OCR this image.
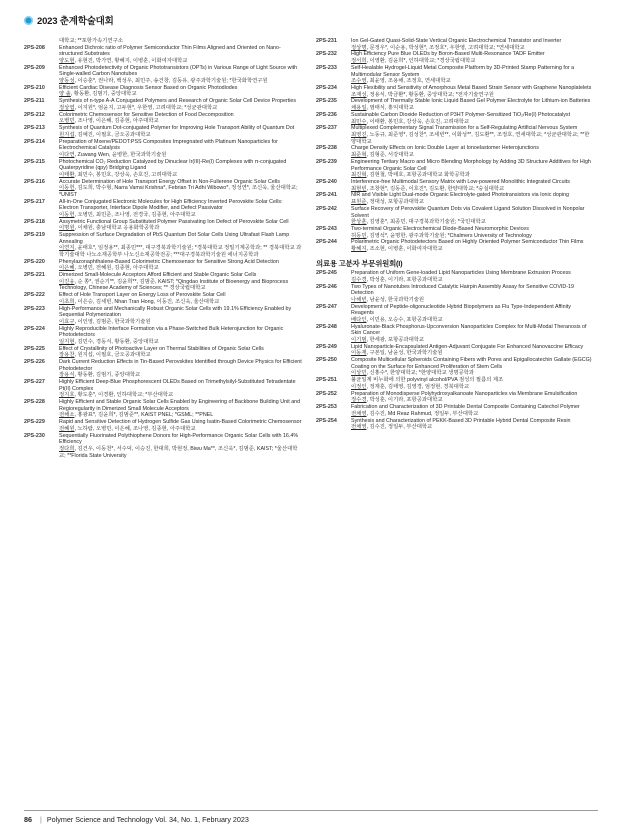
2023 춘계학술대회
대학교; **포항가속기연구소
2PS-208	Enhanced Dichroic ratio of Polymer Semiconductor Thin Films Aligned and Oriented on Nano-structured Substrates
양도현, 유현진, 박가연, 황혜지, 이병훈, 이화여자대학교
2PS-209	Enhanced Photodetectivity of Organic Phototransistors (OPTs) in Various Range of Light Source with Single-walled Carbon Nanotubes
양동성, 이승훈*, 권나라, 백성우, 최민주, 송건창, 김동유, 광주과학기술원; *한국화학연구원
2PS-210	Efficient Cardiac Disease Diagnosis Sensor Based on Organic Photodiodes
양 솔, 황동환, 김범기, 중앙대학교
2PS-211	Synthesis of n-type A-A Conjugated Polymers and Research of Organic Solar Cell Device Properties
정상엽, 이지원*, 엄윤지, 고두현*, 우한영, 고려대학교; *성균관대학교
2PS-212	Colorimetric Chemosensor for Sensitive Detection of Food Decomposition
오병민, 조나영, 이은혜, 김종현, 아주대학교
2PS-213	Synthesis of Quantum Dot-conjugated Polymer for Improving Hole Transport Ability of Quantum Dot
원지섭, 김예진, 이필호, 금오공과대학교
2PS-214	Preparation of Mxene/PEDOT:PSS Composites Impregnated with Platinum Nanoparticles for Electrochemical Catalysis
이다연, Zuwang Wen, 윤병한, 한국과학기술원
2PS-215	Photochemical CO₂ Reduction Catalyzed by Dinuclear Ir(III)-Re(I) Complexes with π-conjugated Quaterpyridine (qpy) Bridging Ligand
이태환, 최민수, 봉민호, 강상욱, 손호진, 고려대학교
2PS-216	Accurate Determination of Hole Transport Energy Offset in Non-Fullerene Organic Solar Cells
이동헌, 김도희, 박수형, Narra Vamsi Krishna*, Febrian Tri Adhi Wibowo*, 정성연*, 조신욱, 울산대학교; *UNIST
2PS-217	All-in-One Conjugated Electronic Molecules for High Efficiency Inverted Perovskite Solar Cells: Electron Transporter, Interface Dipole Modifier, and Defect Passivator
이동헌, 오병민, 최민준, 조나영, 전경국, 김종현, 아주대학교
2PS-218	Assymetric Functional Group Substituted Polymer Passivating Ion Defect of Perovskite Solar Cell
이명원, 이채원, 충남대학교 응용화학공학과
2PS-219	Suppression of Surface Degradation of PbS Quantum Dot Solar Cells Using Ultrafast Flash Lamp Annealing
이연지, 윤태호*, 임정용**, 최종민***, 대구경북과학기술원; *경북대학교 정밀기계공학과; ** 경북대학교 과학기술대학 나노소재공학부 나노신소재공학전공; ***대구경북과학기술원 에너지공학과
2PS-220	Phenylazonaphthalene-Based Colorimetric Chemosensor for Sensitive Strong Acid Detection
이은혜, 오병민, 전혜원, 김종현, 아주대학교
2PS-221	Dimerized Small-Molecule Acceptors Afford Efficient and Stable Organic Solar Cells
이진웅, 순 쫑*, 권순기**, 김윤희**, 김범준, KAIST; *Qingdao Institute of Bioenergy and Bioprocess Technology, Chinese Academy of Sciences; ** 경상국립대학교
2PS-222	Effect of Hole Transport Layer on Energy Loss of Perovskite Solar Cell
이초희, 이은승, 김세빈, Nhan Tran Hong, 이동진, 조신욱, 울산대학교
2PS-223	High-Performance and Mechanically Robust Organic Solar Cells with 19.1% Efficiency Enabled by Sequential Polymerization
이효구, 이인영, 김범준, 한국과학기술원
2PS-224	Highly Reproducible Interface Formation via a Phase-Switched Bulk Heterojunction for Organic Photodetectors
임지현, 김민수, 경동식, 황동환, 중앙대학교
2PS-225	Effect of Crystallinity of Photoactive Layer on Thermal Stabilities of Organic Solar Cells
장용찬, 원지섭, 이필호, 금오공과대학교
2PS-226	Dark Current Reduction Effects in Tin-Based Perovskites Identified through Device Physics for Efficient Photodetector
장용식, 황동환, 김범기, 중앙대학교
2PS-227	Highly Efficient Deep-Blue Phosphorescent OLEDs Based on Trimethylsilyl-Substituted Tetradentate Pt(II) Complex
정지호, 황도훈*, 이경환, 인하대학교; *부산대학교
2PS-228	Highly Efficient and Stable Organic Solar Cells Enabled by Engineering of Backbone Building Unit and Regioregularity in Dimerized Small Molecule Acceptors
전해소, 홍광표*, 김윤희*, 김범준**, KAIST PNEL; *GSML; **PNEL
2PS-229	Rapid and Sensitive Detection of Hydrogen Sulfide Gas Using Isatin-Based Colorimetric Chemosensor
전혜원, 노하람, 오병민, 이은혜, 조나영, 김종현, 아주대학교
2PS-230	Sequentially Fluorinated Polythiophene Donors for High-Performance Organic Solar Cells with 16.4% Efficiency
정다희, 김건우, 이동천*, 서수덕, 이승진, 한대희, 박현정, Biwu Ma**, 조신욱*, 김범준, KAIST; *울산대학교; **Florida State University
2PS-231	Ion Gel-Gated Quasi-Solid-State Vertical Organic Electrochemical Transistor and Inverter
정상명, 문정우*, 이순용, 박성현*, 조정호*, 우한영, 고려대학교; *연세대학교
2PS-232	High Efficiency Pure Blue OLEDs by Boron-Based Multi-Resonance TADF Emitter
정서희, 이영환, 김윤희*, 인하대학교; *경상국립대학교
2PS-233	Self-Healable Hydrogel-Liquid Metal Composite Platform by 3D-Printed Stamp Patterning for a Multimodular Sensor System
조수영, 최윤영, 조용해, 조정호, 연세대학교
2PS-234	High Flexibility and Sensitivity of Amorphous Metal Based Strain Sensor with Graphene Nanoplatelets
조재성, 정용식, 박금환*, 황동환, 중앙대학교; *전자기술연구원
2PS-235	Development of Thermally Stable Ionic Liquid Based Gel Polymer Electrolyte for Lithium-ion Batteries
채용일, 염태식, 홍익대학교
2PS-236	Sustainable Carbon Dioxide Reduction of P3HT Polymer-Sensitized TiO₂/Re(I) Photocatalyst
최민수, 이태환, 봉민호, 강상욱, 손호진, 고려대학교
2PS-237	Multiplexed Complementary Signal Transmission for a Self-Regulating Artificial Nervous System
최영진, 노동규, 최준영*, 김성찬*, 조세빈**, 이화성**, 김도환**, 조정호, 연세대학교; *성균관대학교; **한양대학교
2PS-238	Charge Density Effects on Ionic Double Layer at Ionoelastomer Heterojunctions
최준혁, 김형준, 서강대학교
2PS-239	Engineering Tertiary Macro and Micro Blending Morphology by Adding 3D Structure Additives for High Performance Organic Solar Cell
최진혁, 김현철, 박태호, 포항공과대학교 화학공학과
2PS-240	Interference-free Multimodal Sensory Matrix with Low-powered Monolithic Integrated Circuits
최현빈, 조창현*, 김동준, 이호진*, 김도환, 한양대학교; *숭실대학교
2PS-241	NIR and Visible Light Dual-mode Organic Electrolyte-gated Phototransistors via Ionic doping
표원준, 정대성, 포항공과대학교
2PS-242	Surface Recovery of Perovskite Quantum Dots via Covalent Ligand Solution Dissolved in Nonpolar Solvent
한상훈, 김영훈*, 최종민, 대구경북과학기술원; *국민대학교
2PS-243	Two-terminal Organic Electrochemical Diode-Based Neuromorphic Devices
허동민, 김영석*, 윤명한, 광주과학기술원; *Chalmers University of Technology
2PS-244	Polarimetric Organic Photodetectors Based on Highly Oriented Polymer Semiconductor Thin Films
황혜지, 조소현, 이병훈, 이화여자대학교
의료용 고분자 부문위원회(I)
2PS-245	Preparation of Uniform Gene-loaded Lipid Nanoparticles Using Membrane Extrusion Process
김수경, 박성훈, 이기라, 포항공과대학교
2PS-246	Two Types of Nanotubes Introduced Catalytic Hairpin Assembly Assay for Sensitive COVID-19 Detection
나해빈, 남윤성, 한국과학기술원
2PS-247	Development of Peptide-oligonucleotide Hybrid Biopolymers as Flu Type-Independent Affinity Reagents
배다인, 이민용, 오승수, 포항공과대학교
2PS-248	Hyaluronate-Black Phosphorus-Upconversion Nanoparticles Complex for Multi-Modal Theranosis of Skin Cancer
이기범, 한세광, 포항공과대학교
2PS-249	Lipid Nanoparticle-Encapsulated Antigen-Adjuvant Conjugate For Enhanced Nanovaccine Efficacy
이동재, 구본일, 남윤성, 한국과학기술원
2PS-250	Composite Multicellular Spheroids Containing Fibers with Pores and Epigallocatechin Gallate (EGCG) Coating on the Surface for Enhanced Proliferation of Stem Cells
이상민, 신홍수*, 한양대학교; *한양대학교 생명공학과
2PS-251	불균일계 비누화에 의한 polyvinyl alcohol/PVA 점성의 필름의 제조
이정인, 정재훈, 김태영, 김영경, 엄정현, 경북대학교
2PS-252	Preparation of Monodisperse Polyhydroxyalkanoate Nanoparticles via Membrane Emulsification
정수경, 박성훈, 이기라, 포항공과대학교
2PS-253	Fabrication and Characterization of 3D Printable Dental Composite Containing Catechol Polymer
전채영, 김수진, Md Reaz Rahmud, 정일두, 부산대학교
2PS-254	Synthesis and Characterization of PEKK-Based 3D Printable Hybrid Dental Composite Resin
전채영, 김수진, 정일두, 부산대학교
86 | Polymer Science and Technology Vol. 34, No. 1, February 2023
